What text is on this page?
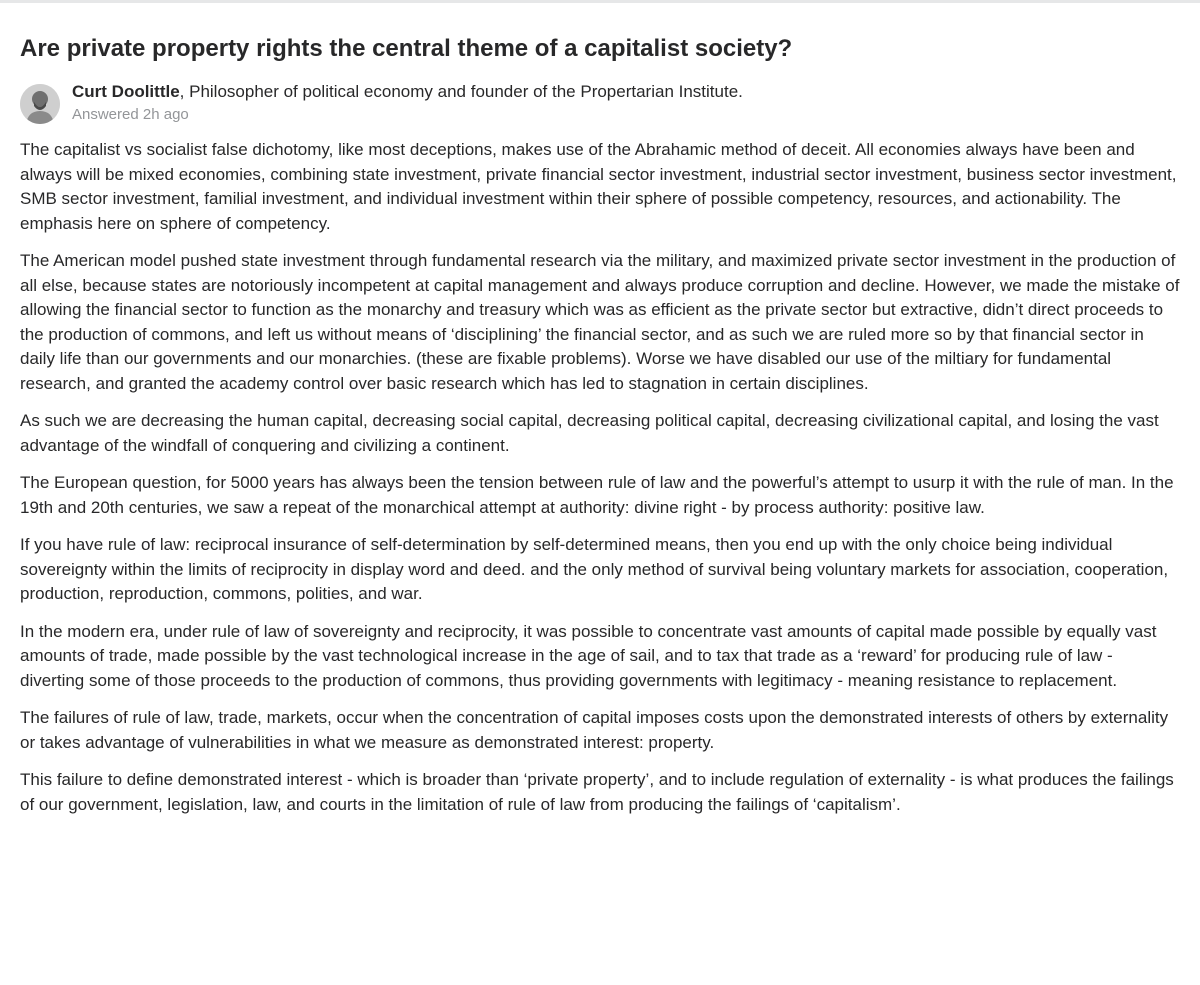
Are private property rights the central theme of a capitalist society?
Curt Doolittle, Philosopher of political economy and founder of the Propertarian Institute.
Answered 2h ago

The capitalist vs socialist false dichotomy, like most deceptions, makes use of the Abrahamic method of deceit. All economies always have been and always will be mixed economies, combining state investment, private financial sector investment, industrial sector investment, business sector investment, SMB sector investment, familial investment, and individual investment within their sphere of possible competency, resources, and actionability. The emphasis here on sphere of competency.

The American model pushed state investment through fundamental research via the military, and maximized private sector investment in the production of all else, because states are notoriously incompetent at capital management and always produce corruption and decline. However, we made the mistake of allowing the financial sector to function as the monarchy and treasury which was as efficient as the private sector but extractive, didn’t direct proceeds to the production of commons, and left us without means of ‘disciplining’ the financial sector, and as such we are ruled more so by that financial sector in daily life than our governments and our monarchies. (these are fixable problems). Worse we have disabled our use of the miltiary for fundamental research, and granted the academy control over basic research which has led to stagnation in certain disciplines.

As such we are decreasing the human capital, decreasing social capital, decreasing political capital, decreasing civilizational capital, and losing the vast advantage of the windfall of conquering and civilizing a continent.

The European question, for 5000 years has always been the tension between rule of law and the powerful’s attempt to usurp it with the rule of man. In the 19th and 20th centuries, we saw a repeat of the monarchical attempt at authority: divine right - by process authority: positive law.

If you have rule of law: reciprocal insurance of self-determination by self-determined means, then you end up with the only choice being individual sovereignty within the limits of reciprocity in display word and deed. and the only method of survival being voluntary markets for association, cooperation, production, reproduction, commons, polities, and war.

In the modern era, under rule of law of sovereignty and reciprocity, it was possible to concentrate vast amounts of capital made possible by equally vast amounts of trade, made possible by the vast technological increase in the age of sail, and to tax that trade as a ‘reward’ for producing rule of law - diverting some of those proceeds to the production of commons, thus providing governments with legitimacy - meaning resistance to replacement.

The failures of rule of law, trade, markets, occur when the concentration of capital imposes costs upon the demonstrated interests of others by externality or takes advantage of vulnerabilities in what we measure as demonstrated interest: property.

This failure to define demonstrated interest - which is broader than ‘private property’, and to include regulation of externality - is what produces the failings of our government, legislation, law, and courts in the limitation of rule of law from producing the failings of ‘capitalism’.
